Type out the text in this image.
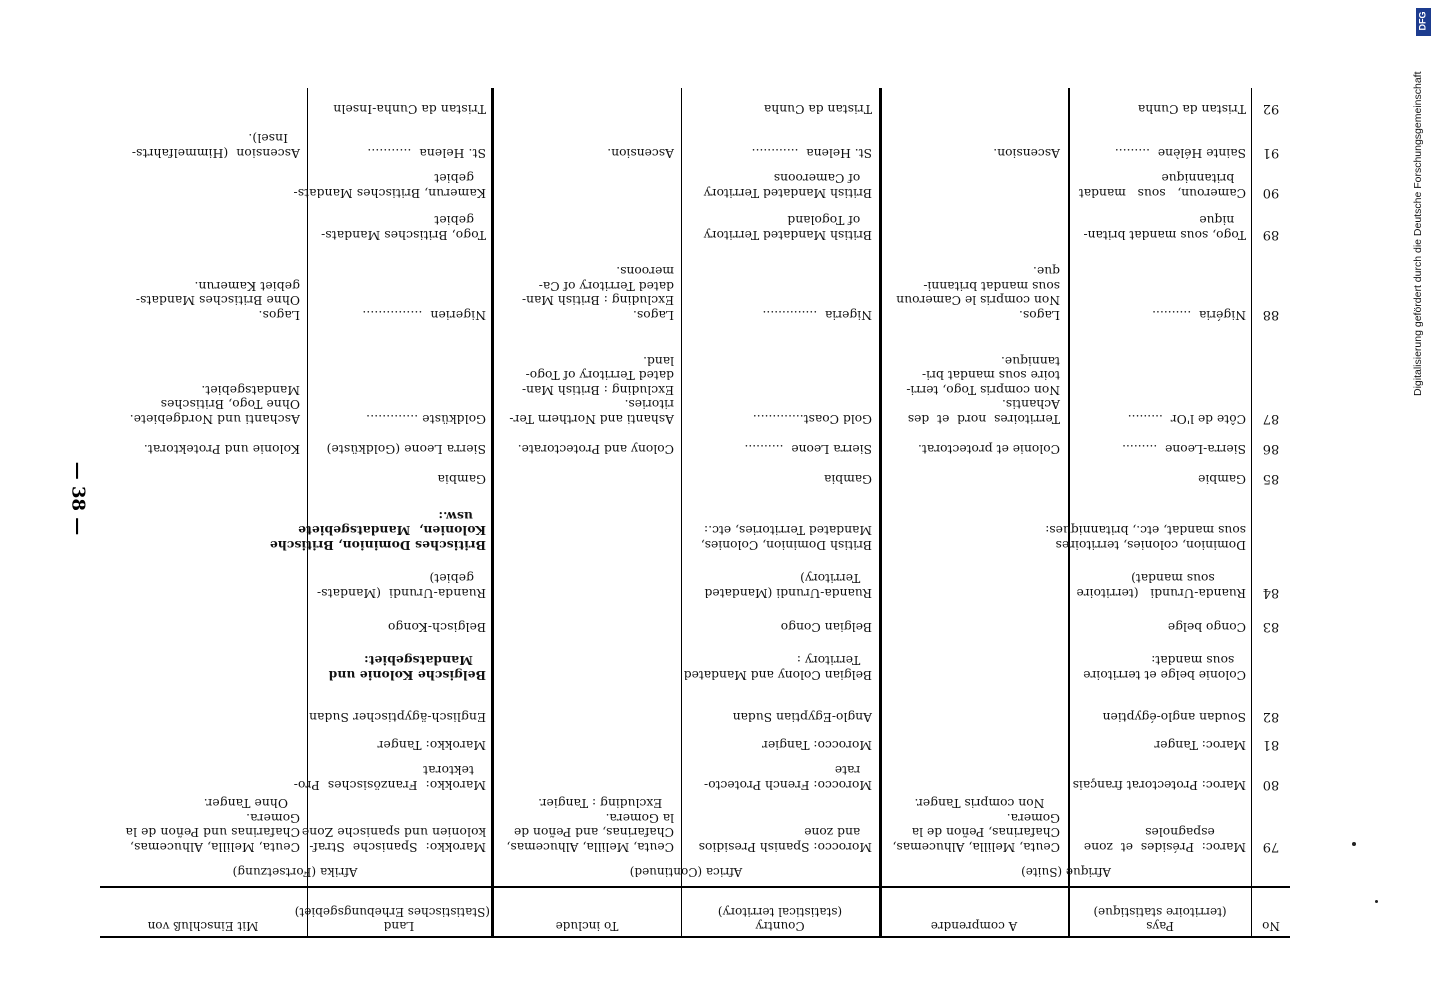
Digitalisierung gefördert durch die Deutsche Forschungsgemeinschaft
DFG
— 38 —
No
Pays
(territoire statistique)
A comprendre
Country
(statistical territory)
To include
Land
(Statistisches Erhebungsgebiet)
Mit Einschluß von
Afrique (Suite)
Africa (Continued)
Afrika (Fortsetzung)
79
Maroc:  Présides  et  zone
espagnoles
Ceuta, Melilla, Alhucemas,
Chafarinas, Peñon de la
Gomera.
Non compris Tanger.
Morocco: Spanish Presidios
and zone
Ceuta, Melilla, Alhucemas,
Chafarinas, and Peñon de
la Gomera.
Excluding : Tangier.
Marokko:  Spanische  Straf-
kolonien und spanische Zone
Ceuta, Melilla, Alhucemas,
Chafarinas und Peñon de la
Gomera.
Ohne Tanger.
80
Maroc: Protectorat français
Morocco: French Protecto-
rate
Marokko:  Französisches  Pro-
tektorat
81
Maroc: Tanger
Morocco: Tangier
Marokko: Tanger
82
Soudan anglo-égyptien
Anglo-Egyptian Sudan
Englisch-ägyptischer Sudan
Colonie belge et territoire
sous mandat:
Belgian Colony and Mandated
Territory :
Belgische Kolonie und
Mandatsgebiet:
83
Congo belge
Belgian Congo
Belgisch-Kongo
84
Ruanda-Urundi   (territoire
sous mandat)
Ruanda-Urundi (Mandated
Territory)
Ruanda-Urundi  (Mandats-
gebiet)
Dominion, colonies, territoires
sous mandat, etc., britanniques:
British Dominion, Colonies,
Mandated Territories, etc.:
Britisches Dominion, Britische
Kolonien,  Mandatsgebiete
usw.:
85
Gambie
Gambia
Gambia
86
Sierra-Leone  .........
Colonie et protectorat.
Sierra Leone  ..........
Colony and Protectorate.
Sierra Leone (Goldküste)
Kolonie und Protektorat.
87
Côte de l'Or  .........
Territoires  nord  et  des
Achantis.
Non compris Togo, terri-
toire sous mandat bri-
tannique.
Gold Coast.............
Ashanti and Northern Ter-
ritories.
Excluding : British Man-
dated Territory of Togo-
land.
Goldküste .............
Aschanti und Nordgebiete.
Ohne Togo, Britisches
Mandatsgebiet.
88
Nigéria  ..........
Lagos.
Non compris le Cameroun
sous mandat britanni-
que.
Nigeria  ..............
Lagos.
Excluding : British Man-
dated Territory of Ca-
meroons.
Nigerien  ...............
Lagos.
Ohne Britisches Mandats-
gebiet Kamerun.
89
Togo, sous mandat britan-
nique
British Mandated Territory
of Togoland
Togo, Britisches Mandats-
gebiet
90
Cameroun,   sous   mandat
britannique
British Mandated Territory
of Cameroons
Kamerun, Britisches Mandats-
gebiet
91
Sainte Hélène  .........
Ascension.
St. Helena  ............
Ascension.
St. Helena  ...........
Ascension  (Himmelfahrts-
Insel).
92
Tristan da Cunha
Tristan da Cunha
Tristan da Cunha-Inseln
